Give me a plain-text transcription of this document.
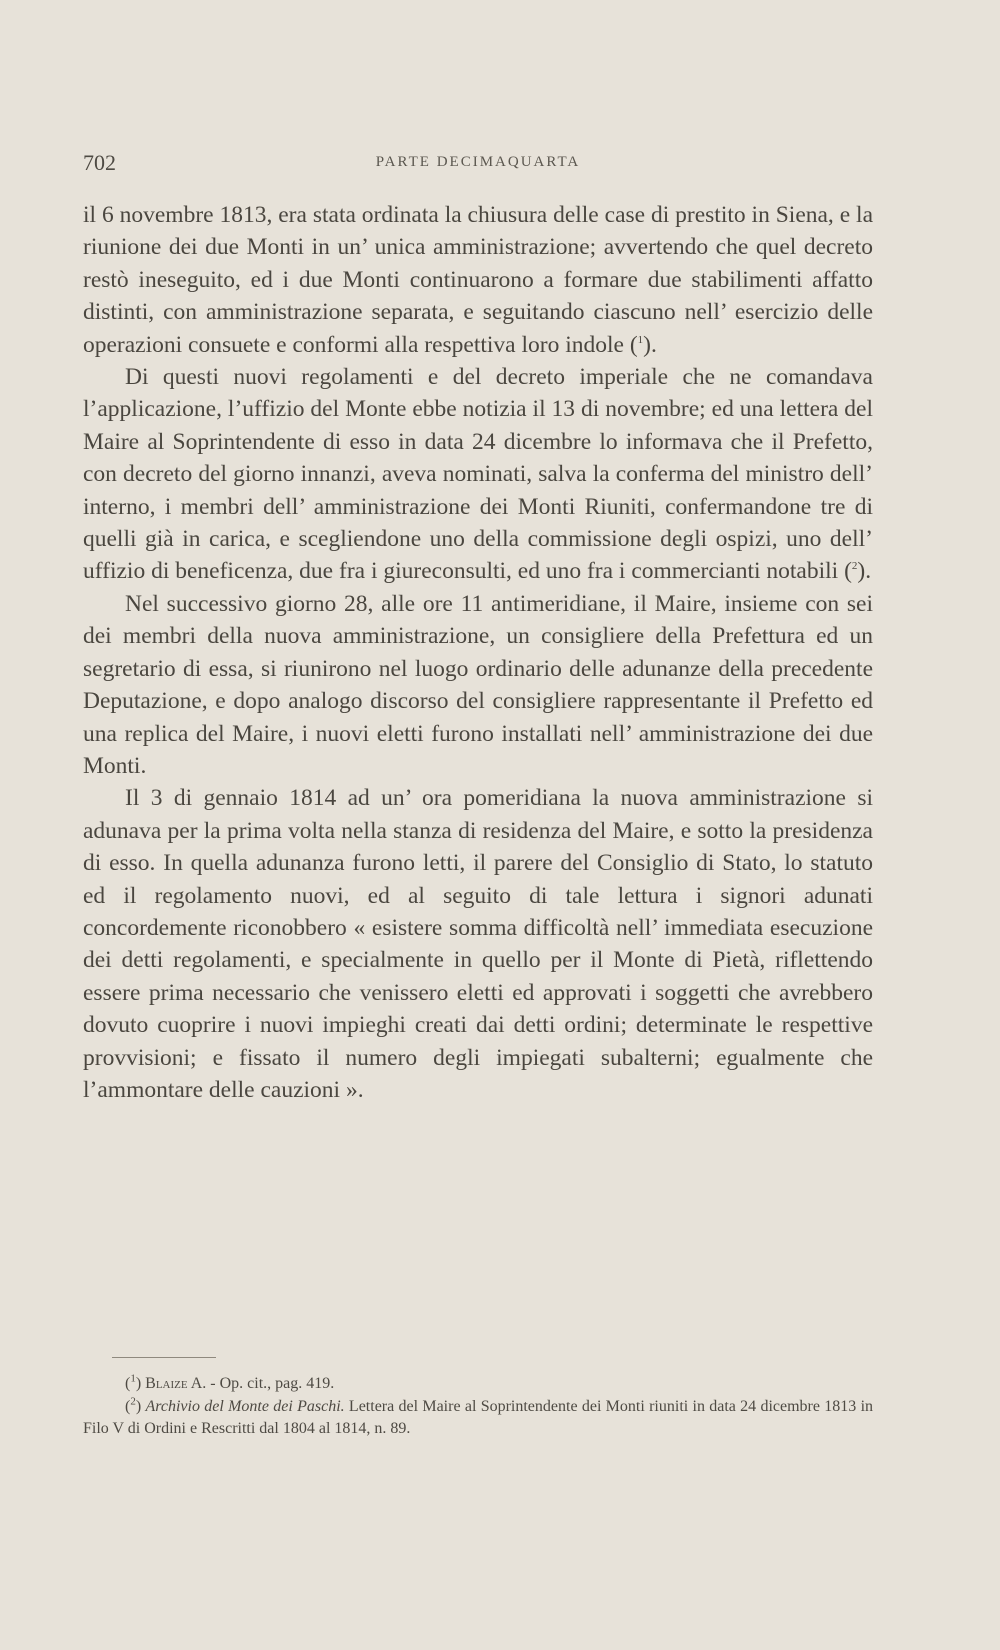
702	PARTE DECIMAQUARTA

il 6 novembre 1813, era stata ordinata la chiusura delle case di prestito in Siena, e la riunione dei due Monti in un’ unica amministrazione; avvertendo che quel decreto restò ineseguito, ed i due Monti continuarono a formare due stabilimenti affatto distinti, con amministrazione separata, e seguitando ciascuno nell’ esercizio delle operazioni consuete e conformi alla respettiva loro indole ($^1$).

Di questi nuovi regolamenti e del decreto imperiale che ne comandava l’applicazione, l’uffizio del Monte ebbe notizia il 13 di novembre; ed una lettera del Maire al Soprintendente di esso in data 24 dicembre lo informava che il Prefetto, con decreto del giorno innanzi, aveva nominati, salva la conferma del ministro dell’ interno, i membri dell’ amministrazione dei Monti Riuniti, confermandone tre di quelli già in carica, e scegliendone uno della commissione degli ospizi, uno dell’ uffizio di beneficenza, due fra i giureconsulti, ed uno fra i commercianti notabili ($^2$).

Nel successivo giorno 28, alle ore 11 antimeridiane, il Maire, insieme con sei dei membri della nuova amministrazione, un consigliere della Prefettura ed un segretario di essa, si riunirono nel luogo ordinario delle adunanze della precedente Deputazione, e dopo analogo discorso del consigliere rappresentante il Prefetto ed una replica del Maire, i nuovi eletti furono installati nell’ amministrazione dei due Monti.

Il 3 di gennaio 1814 ad un’ ora pomeridiana la nuova amministrazione si adunava per la prima volta nella stanza di residenza del Maire, e sotto la presidenza di esso. In quella adunanza furono letti, il parere del Consiglio di Stato, lo statuto ed il regolamento nuovi, ed al seguito di tale lettura i signori adunati concordemente riconobbero « esistere somma difficoltà nell’ immediata esecuzione dei detti regolamenti, e specialmente in quello per il Monte di Pietà, riflettendo essere prima necessario che venissero eletti ed approvati i soggetti che avrebbero dovuto cuoprire i nuovi impieghi creati dai detti ordini; determinate le respettive provvisioni; e fissato il numero degli impiegati subalterni; egualmente che l’ammontare delle cauzioni ».

($^1$) Blaize A. - Op. cit., pag. 419.

($^2$) Archivio del Monte dei Paschi. Lettera del Maire al Soprintendente dei Monti riuniti in data 24 dicembre 1813 in Filo V di Ordini e Rescritti dal 1804 al 1814, n. 89.
